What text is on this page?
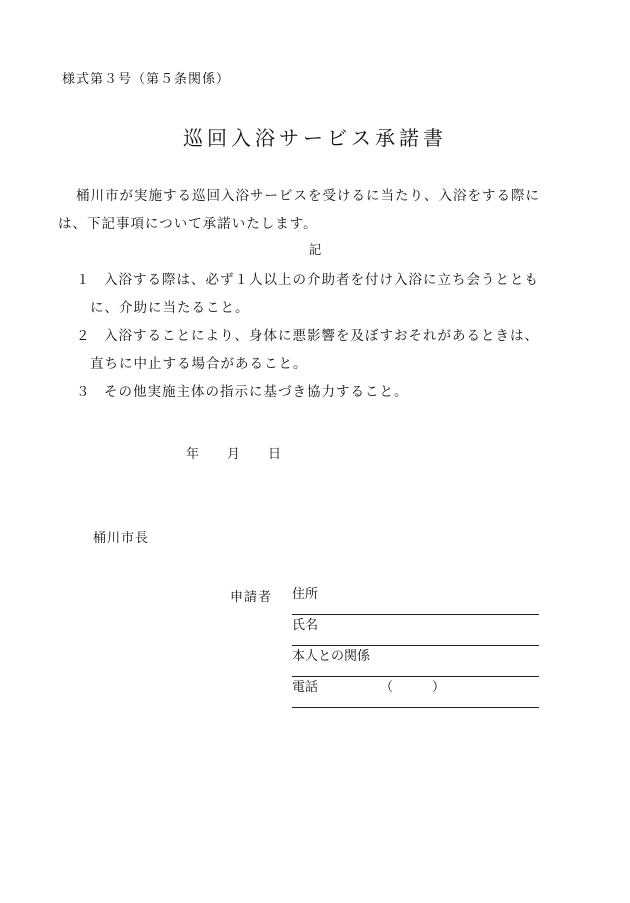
様式第３号（第５条関係）
巡回入浴サービス承諾書

桶川市が実施する巡回入浴サービスを受けるに当たり、入浴をする際に

は、下記事項について承諾いたします。

記
１	入浴する際は、必ず１人以上の介助者を付け入浴に立ち会うととも
に、介助に当たること。
２	入浴することにより、身体に悪影響を及ぼすおそれがあるときは、
直ちに中止する場合があること。
３	その他実施主体の指示に基づき協力すること。
年 月 日
桶川市長
申請者 住所
氏名
本人との関係
電話	（	）
